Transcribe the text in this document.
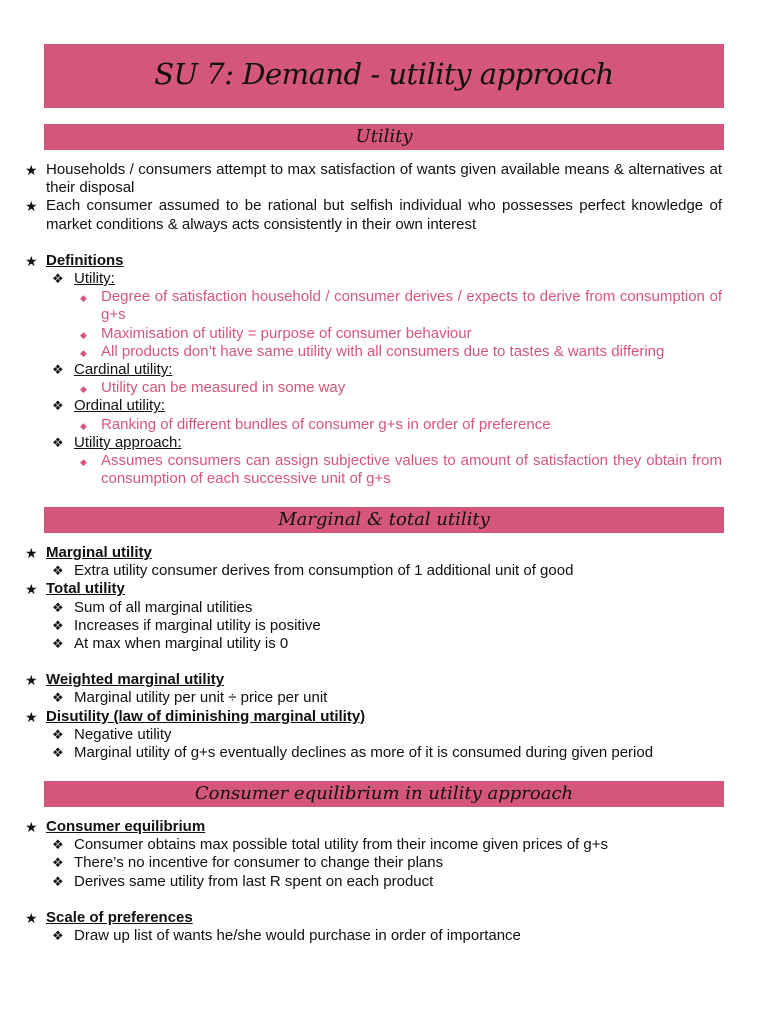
SU 7: Demand - utility approach
Utility
★ Households / consumers attempt to max satisfaction of wants given available means & alternatives at their disposal
★ Each consumer assumed to be rational but selfish individual who possesses perfect knowledge of market conditions & always acts consistently in their own interest
★ Definitions
❖ Utility:
◆ Degree of satisfaction household / consumer derives / expects to derive from consumption of g+s
◆ Maximisation of utility = purpose of consumer behaviour
◆ All products don’t have same utility with all consumers due to tastes & wants differing
❖ Cardinal utility:
◆ Utility can be measured in some way
❖ Ordinal utility:
◆ Ranking of different bundles of consumer g+s in order of preference
❖ Utility approach:
◆ Assumes consumers can assign subjective values to amount of satisfaction they obtain from consumption of each successive unit of g+s
Marginal & total utility
★ Marginal utility
❖ Extra utility consumer derives from consumption of 1 additional unit of good
★ Total utility
❖ Sum of all marginal utilities
❖ Increases if marginal utility is positive
❖ At max when marginal utility is 0
★ Weighted marginal utility
❖ Marginal utility per unit ÷ price per unit
★ Disutility (law of diminishing marginal utility)
❖ Negative utility
❖ Marginal utility of g+s eventually declines as more of it is consumed during given period
Consumer equilibrium in utility approach
★ Consumer equilibrium
❖ Consumer obtains max possible total utility from their income given prices of g+s
❖ There’s no incentive for consumer to change their plans
❖ Derives same utility from last R spent on each product
★ Scale of preferences
❖ Draw up list of wants he/she would purchase in order of importance
